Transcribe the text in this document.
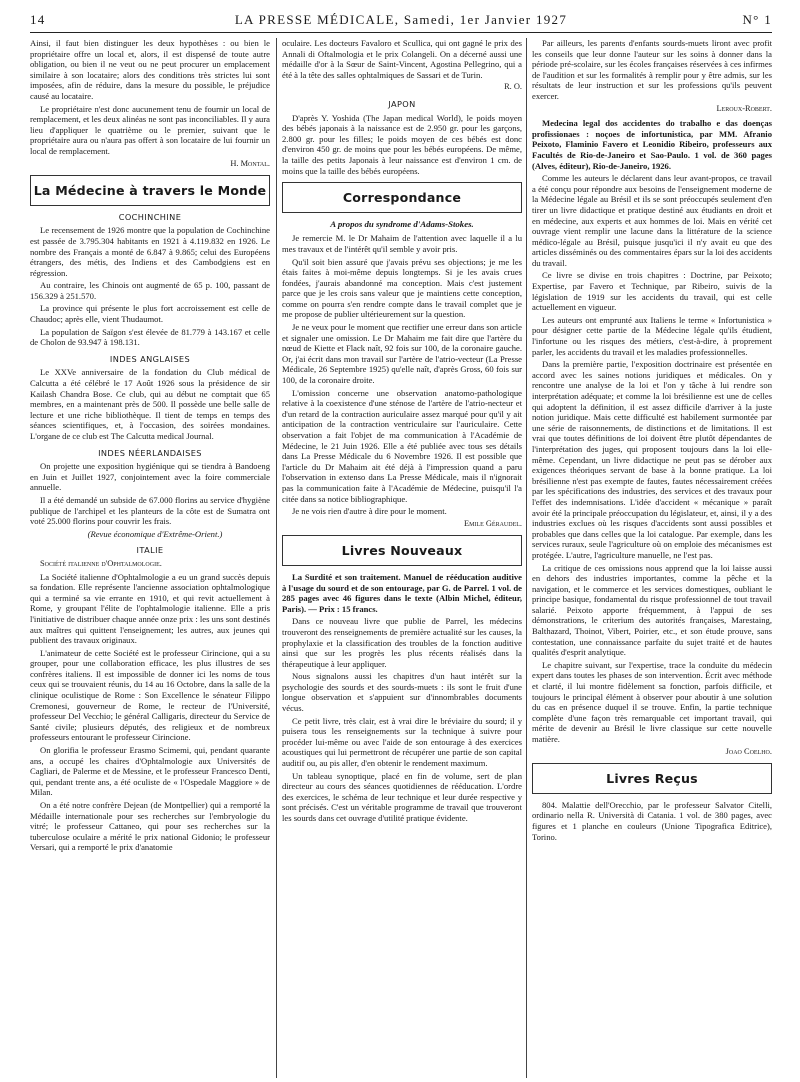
14	LA PRESSE MÉDICALE, Samedi, 1er Janvier 1927	N° 1

Ainsi, il faut bien distinguer les deux hypothèses : ou bien le propriétaire offre un local et, alors, il est dispensé de toute autre obligation, ou bien il ne veut ou ne peut procurer un emplacement similaire à son locataire; alors des conditions très strictes lui sont imposées, afin de réduire, dans la mesure du possible, le préjudice causé au locataire.

Le propriétaire n'est donc aucunement tenu de fournir un local de remplacement, et les deux alinéas ne sont pas inconciliables. Il y aura lieu d'appliquer le quatrième ou le premier, suivant que le propriétaire aura ou n'aura pas offert à son locataire de lui fournir un local de remplacement.

H. Montal.
La Médecine à travers le Monde
COCHINCHINE

Le recensement de 1926 montre que la population de Cochinchine est passée de 3.795.304 habitants en 1921 à 4.119.832 en 1926. Le nombre des Français a monté de 6.847 à 9.865; celui des Européens étrangers, des métis, des Indiens et des Cambodgiens est en régression.

Au contraire, les Chinois ont augmenté de 65 p. 100, passant de 156.329 à 251.570.

La province qui présente le plus fort accroissement est celle de Chaudoc; après elle, vient Thudaumot.

La population de Saïgon s'est élevée de 81.779 à 143.167 et celle de Cholon de 93.947 à 198.131.

INDES ANGLAISES

Le XXVe anniversaire de la fondation du Club médical de Calcutta a été célébré le 17 Août 1926 sous la présidence de sir Kailash Chandra Bose. Ce club, qui au début ne comptait que 65 membres, en a maintenant près de 500. Il possède une belle salle de lecture et une riche bibliothèque. Il tient de temps en temps des séances scientifiques, et, à l'occasion, des soirées mondaines. L'organe de ce club est The Calcutta medical Journal.

INDES NÉERLANDAISES

On projette une exposition hygiénique qui se tiendra à Bandoeng en Juin et Juillet 1927, conjointement avec la foire commerciale annuelle.

Il a été demandé un subside de 67.000 florins au service d'hygiène publique de l'archipel et les planteurs de la côte est de Sumatra ont voté 25.000 florins pour couvrir les frais.

(Revue économique d'Extrême-Orient.)

ITALIE
Société italienne d'Ophtalmologie.

La Société italienne d'Ophtalmologie a eu un grand succès depuis sa fondation. Elle représente l'ancienne association ophtalmologique qui a terminé sa vie errante en 1910, et qui revit actuellement à Rome, y groupant l'élite de l'ophtalmologie italienne. Elle a pris l'initiative de distribuer chaque année onze prix : les uns sont destinés aux maîtres qui quittent l'enseignement; les autres, aux jeunes qui publient des travaux originaux.

L'animateur de cette Société est le professeur Cirincione, qui a su grouper, pour une collaboration efficace, les plus illustres de ses confrères italiens. Il est impossible de donner ici les noms de tous ceux qui se trouvaient réunis, du 14 au 16 Octobre, dans la salle de la clinique oculistique de Rome : Son Excellence le sénateur Filippo Cremonesi, gouverneur de Rome, le recteur de l'Université, professeur Del Vecchio; le général Calligaris, directeur du Service de Santé civile; plusieurs députés, des religieux et de nombreux professeurs entourant le professeur Cirincione.

On glorifia le professeur Erasmo Scimemi, qui, pendant quarante ans, a occupé les chaires d'Ophtalmologie aux Universités de Cagliari, de Palerme et de Messine, et le professeur Francesco Denti, qui, pendant trente ans, a été oculiste de « l'Ospedale Maggiore » de Milan.

On a été notre confrère Dejean (de Montpellier) qui a remporté la Médaille internationale pour ses recherches sur l'embryologie du vitré; le professeur Cattaneo, qui pour ses recherches sur la tuberculose oculaire a mérité le prix national Gidonio; le professeur Versari, qui a remporté le prix d'anatomie

oculaire. Les docteurs Favaloro et Scullica, qui ont gagné le prix des Annali di Oftalmologia et le prix Colangeli. On a décerné aussi une médaille d'or à la Sœur de Saint-Vincent, Agostina Pellegrino, qui a été à la tête des salles ophtalmiques de Sassari et de Turin.

R. O.
JAPON

D'après Y. Yoshida (The Japan medical World), le poids moyen des bébés japonais à la naissance est de 2.950 gr. pour les garçons, 2.800 gr. pour les filles; le poids moyen de ces bébés est donc d'environ 450 gr. de moins que pour les bébés européens. De même, la taille des petits Japonais à leur naissance est d'environ 1 cm. de moins que la taille des bébés européens.

Correspondance
A propos du syndrome d'Adams-Stokes.

Je remercie M. le Dr Mahaim de l'attention avec laquelle il a lu mes travaux et de l'intérêt qu'il semble y avoir pris.

Qu'il soit bien assuré que j'avais prévu ses objections; je me les étais faites à moi-même depuis longtemps. Si je les avais crues fondées, j'aurais abandonné ma conception. Mais c'est justement parce que je les crois sans valeur que je maintiens cette conception, comme on pourra s'en rendre compte dans le travail complet que je me propose de publier ultérieurement sur la question.

Je ne veux pour le moment que rectifier une erreur dans son article et signaler une omission. Le Dr Mahaim me fait dire que l'artère du nœud de Kiette et Flack naît, 92 fois sur 100, de la coronaire gauche. Or, j'ai écrit dans mon travail sur l'artère de l'atrio-vecteur (La Presse Médicale, 26 Septembre 1925) qu'elle naît, d'après Gross, 60 fois sur 100, de la coronaire droite.

L'omission concerne une observation anatomo-pathologique relative à la coexistence d'une sténose de l'artère de l'atrio-necteur et d'un retard de la contraction auriculaire assez marqué pour qu'il y ait anticipation de la contraction ventriculaire sur l'auriculaire. Cette observation a fait l'objet de ma communication à l'Académie de Médecine, le 21 Juin 1926. Elle a été publiée avec tous ses détails dans La Presse Médicale du 6 Novembre 1926. Il est possible que l'article du Dr Mahaim ait été déjà à l'impression quand a paru l'observation in extenso dans La Presse Médicale, mais il n'ignorait pas la communication faite à l'Académie de Médecine, puisqu'il l'a citée dans sa notice bibliographique.

Je ne vois rien d'autre à dire pour le moment.

Emile Géraudel.
Livres Nouveaux

La Surdité et son traitement. Manuel de rééducation auditive à l'usage du sourd et de son entourage, par G. de Parrel. 1 vol. de 285 pages avec 46 figures dans le texte (Albin Michel, éditeur, Paris). — Prix : 15 francs.

Dans ce nouveau livre que publie de Parrel, les médecins trouveront des renseignements de première actualité sur les causes, la prophylaxie et la classification des troubles de la fonction auditive ainsi que sur les progrès les plus récents réalisés dans la thérapeutique à leur appliquer.

Nous signalons aussi les chapitres d'un haut intérêt sur la psychologie des sourds et des sourds-muets : ils sont le fruit d'une longue observation et s'appuient sur d'innombrables documents vécus.

Ce petit livre, très clair, est à vrai dire le bréviaire du sourd; il y puisera tous les renseignements sur la technique à suivre pour procéder lui-même ou avec l'aide de son entourage à des exercices acoustiques qui lui permettront de récupérer une partie de son capital auditif ou, au pis aller, d'en obtenir le rendement maximum.

Un tableau synoptique, placé en fin de volume, sert de plan directeur au cours des séances quotidiennes de rééducation. L'ordre des exercices, le schéma de leur technique et leur durée respective y sont précisés. C'est un véritable programme de travail que trouveront les sourds dans cet ouvrage d'utilité pratique évidente.

Par ailleurs, les parents d'enfants sourds-muets liront avec profit les conseils que leur donne l'auteur sur les soins à donner dans la période pré-scolaire, sur les écoles françaises réservées à ces infirmes de l'audition et sur les formalités à remplir pour y être admis, sur les résultats de leur instruction et sur les professions qu'ils peuvent exercer.

Leroux-Robert.

Medecina legal dos accidentes do trabalho e das doenças profissionaes : noçoes de infortunistica, par MM. Afranio Peixoto, Flaminio Favero et Leonidio Ribeiro, professeurs aux Facultés de Rio-de-Janeiro et Sao-Paulo. 1 vol. de 360 pages (Alves, éditeur), Rio-de-Janeiro, 1926.

Comme les auteurs le déclarent dans leur avant-propos, ce travail a été conçu pour répondre aux besoins de l'enseignement moderne de la Médecine légale au Brésil et ils se sont préoccupés seulement d'en tirer un livre didactique et pratique destiné aux étudiants en droit et en médecine, aux experts et aux hommes de loi. Mais en vérité cet ouvrage vient remplir une lacune dans la littérature de la science médico-légale au Brésil, puisque jusqu'ici il n'y avait eu que des articles disséminés ou des commentaires épars sur la loi des accidents du travail.

Ce livre se divise en trois chapitres : Doctrine, par Peixoto; Expertise, par Favero et Technique, par Ribeiro, suivis de la législation de 1919 sur les accidents du travail, qui est celle actuellement en vigueur.

Les auteurs ont emprunté aux Italiens le terme « Infortunistica » pour désigner cette partie de la Médecine légale qu'ils étudient, l'infortune ou les risques des métiers, c'est-à-dire, à proprement parler, les accidents du travail et les maladies professionnelles.

Dans la première partie, l'exposition doctrinaire est présentée en accord avec les saines notions juridiques et médicales. On y rencontre une analyse de la loi et l'on y tâche à lui rendre son interprétation adéquate; et comme la loi brésilienne est une de celles qui adoptent la définition, il est assez difficile d'arriver à la juste notion juridique. Mais cette difficulté est habilement surmontée par une série de raisonnements, de distinctions et de limitations. Il est vrai que toutes définitions de loi doivent être plutôt dépendantes de l'interprétation des juges, qui proposent toujours dans la loi elle-même. Cependant, un livre didactique ne peut pas se dérober aux exigences théoriques servant de base à la bonne pratique. La loi brésilienne n'est pas exempte de fautes, fautes nécessairement créées par les spécifications des industries, des services et des travaux pour l'effet des indemnisations. L'idée d'accident « mécanique » paraît avoir été la principale préoccupation du législateur, et, ainsi, il y a des industries exclues où les risques d'accidents sont aussi possibles et probables que dans celles que la loi catalogue. Par exemple, dans les services ruraux, seule l'agriculture où on emploie des mécanismes est protégée. L'autre, l'agriculture manuelle, ne l'est pas.

La critique de ces omissions nous apprend que la loi laisse aussi en dehors des industries importantes, comme la pêche et la navigation, et le commerce et les services domestiques, oubliant le principe basique, fondamental du risque professionnel de tout travail salarié. Peixoto apporte fréquemment, à l'appui de ses démonstrations, le criterium des autorités françaises, Marestaing, Balthazard, Thoinot, Vibert, Poirier, etc., et son étude prouve, sans contestation, une connaissance parfaite du sujet traité et de hautes qualités d'esprit analytique.

Le chapitre suivant, sur l'expertise, trace la conduite du médecin expert dans toutes les phases de son intervention. Écrit avec méthode et clarté, il lui montre fidèlement sa fonction, parfois difficile, et toujours le principal élément à observer pour aboutir à une solution du cas en présence duquel il se trouve. Enfin, la partie technique complète d'une façon très remarquable cet important travail, qui mérite de devenir au Brésil le livre classique sur cette nouvelle matière.

Joao Coelho.
Livres Reçus

804. Malattie dell'Orecchio, par le professeur Salvator Citelli, ordinario nella R. Università di Catania. 1 vol. de 380 pages, avec figures et 1 planche en couleurs (Unione Tipografica Editrice), Torino.
